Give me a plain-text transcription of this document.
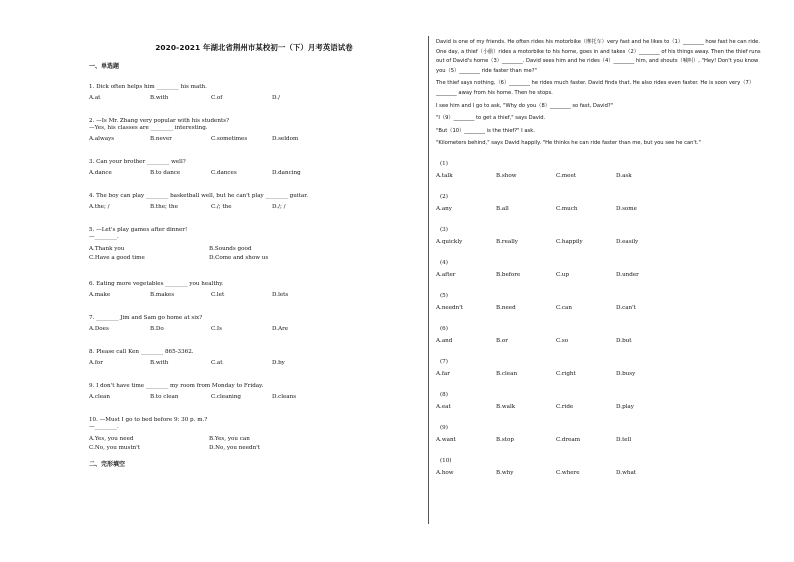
2020-2021 年湖北省荆州市某校初一（下）月考英语试卷
一、单选题
1. Dick often helps him ________ his math.
A.at	B.with	C.of	D./
2. —Is Mr. Zhang very popular with his students?
—Yes, his classes are ________ interesting.
A.always	B.never	C.sometimes	D.seldom
3. Can your brother ________ well?
A.dance	B.to dance	C.dances	D.dancing
4. The boy can play ________ basketball well, but he can't play ________ guitar.
A.the; /	B.the; the	C./; the	D./; /
5. —Let's play games after dinner!
—________.
A.Thank you	B.Sounds good
C.Have a good time	D.Come and show us
6. Eating more vegetables ________ you healthy.
A.make	B.makes	C.let	D.lets
7. ________ Jim and Sam go home at six?
A.Does	B.Do	C.Is	D.Are
8. Please call Ken ________ 865-3362.
A.for	B.with	C.at	D.by
9. I don't have time ________ my room from Monday to Friday.
A.clean	B.to clean	C.cleaning	D.cleans
10. —Must I go to bed before 9: 30 p. m.?
—________.
A.Yes, you need	B.Yes, you can
C.No, you mustn't	D.No, you needn't
二、完形填空
David is one of my friends. He often rides his motorbike（摩托车）very fast and he likes to（1）________ how fast he can ride. One day, a thief（小偷）rides a motorbike to his home, goes in and takes（2）________ of his things away. Then the thief runs out of David's home（3）________. David sees him and he rides（4）________ him, and shouts（喊叫）, "Hey! Don't you know you（5）________ ride faster than me?"
The thief says nothing,（6）________ he rides much faster. David finds that. He also rides even faster. He is soon very（7）________ away from his home. Then he stops.
I see him and I go to ask, "Why do you（8）________ so fast, David?"
"I（9）________ to get a thief," says David.
"But（10）________ is the thief?" I ask.
"Kilometers behind," says David happily. "He thinks he can ride faster than me, but you see he can't."
(1)
A.talk	B.show	C.meet	D.ask
(2)
A.any	B.all	C.much	D.some
(3)
A.quickly	B.really	C.happily	D.easily
(4)
A.after	B.before	C.up	D.under
(5)
A.needn't	B.need	C.can	D.can't
(6)
A.and	B.or	C.so	D.but
(7)
A.far	B.clean	C.right	D.busy
(8)
A.eat	B.walk	C.ride	D.play
(9)
A.want	B.stop	C.dream	D.tell
(10)
A.how	B.why	C.where	D.what
